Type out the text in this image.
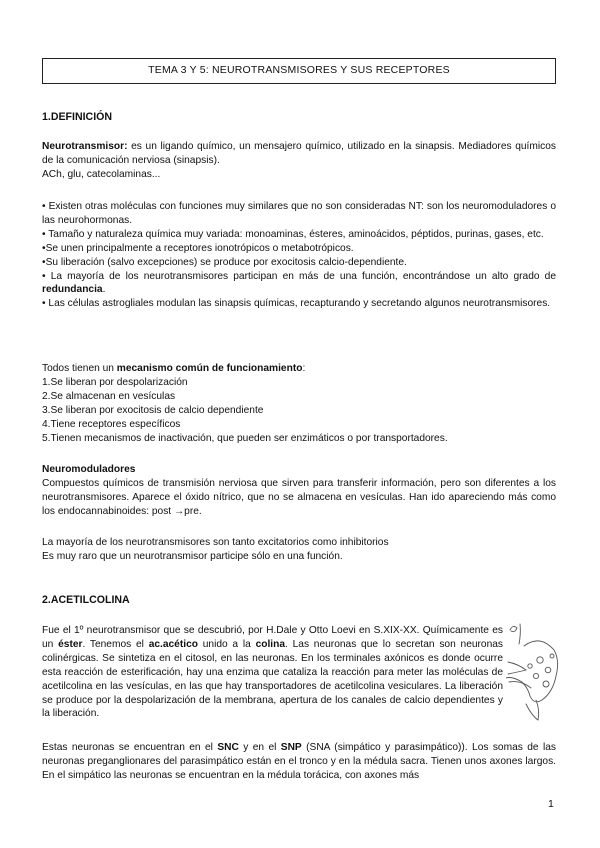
TEMA 3 Y 5: NEUROTRANSMISORES Y SUS RECEPTORES
1.DEFINICIÓN

Neurotransmisor: es un ligando químico, un mensajero químico, utilizado en la sinapsis. Mediadores químicos de la comunicación nerviosa (sinapsis).

ACh, glu, catecolaminas...

• Existen otras moléculas con funciones muy similares que no son consideradas NT: son los neuromoduladores o las neurohormonas.

• Tamaño y naturaleza química muy variada: monoaminas, ésteres, aminoácidos, péptidos, purinas, gases, etc.

•Se unen principalmente a receptores ionotrópicos o metabotrópicos.

•Su liberación (salvo excepciones) se produce por exocitosis calcio-dependiente.

• La mayoría de los neurotransmisores participan en más de una función, encontrándose un alto grado de redundancia.

• Las células astrogliales modulan las sinapsis químicas, recapturando y secretando algunos neurotransmisores.

Todos tienen un mecanismo común de funcionamiento:

1.Se liberan por despolarización

2.Se almacenan en vesículas

3.Se liberan por exocitosis de calcio dependiente

4.Tiene receptores específicos

5.Tienen mecanismos de inactivación, que pueden ser enzimáticos o por transportadores.

Neuromoduladores

Compuestos químicos de transmisión nerviosa que sirven para transferir información, pero son diferentes a los neurotransmisores. Aparece el óxido nítrico, que no se almacena en vesículas. Han ido apareciendo más como los endocannabinoides: post →pre.

La mayoría de los neurotransmisores son tanto excitatorios como inhibitorios

Es muy raro que un neurotransmisor participe sólo en una función.

2.ACETILCOLINA

Fue el 1º neurotransmisor que se descubrió, por H.Dale y Otto Loevi en S.XIX-XX. Químicamente es un éster. Tenemos el ac.acético unido a la colina. Las neuronas que lo secretan son neuronas colinérgicas. Se sintetiza en el citosol, en las neuronas. En los terminales axónicos es donde ocurre esta reacción de esterificación, hay una enzima que cataliza la reacción para meter las moléculas de acetilcolina en las vesículas, en las que hay transportadores de acetilcolina vesiculares. La liberación se produce por la despolarización de la membrana, apertura de los canales de calcio dependientes y la liberación.

Estas neuronas se encuentran en el SNC y en el SNP (SNA (simpático y parasimpático)). Los somas de las neuronas preganglionares del parasimpático están en el tronco y en la médula sacra. Tienen unos axones largos. En el simpático las neuronas se encuentran en la médula torácica, con axones más

1
